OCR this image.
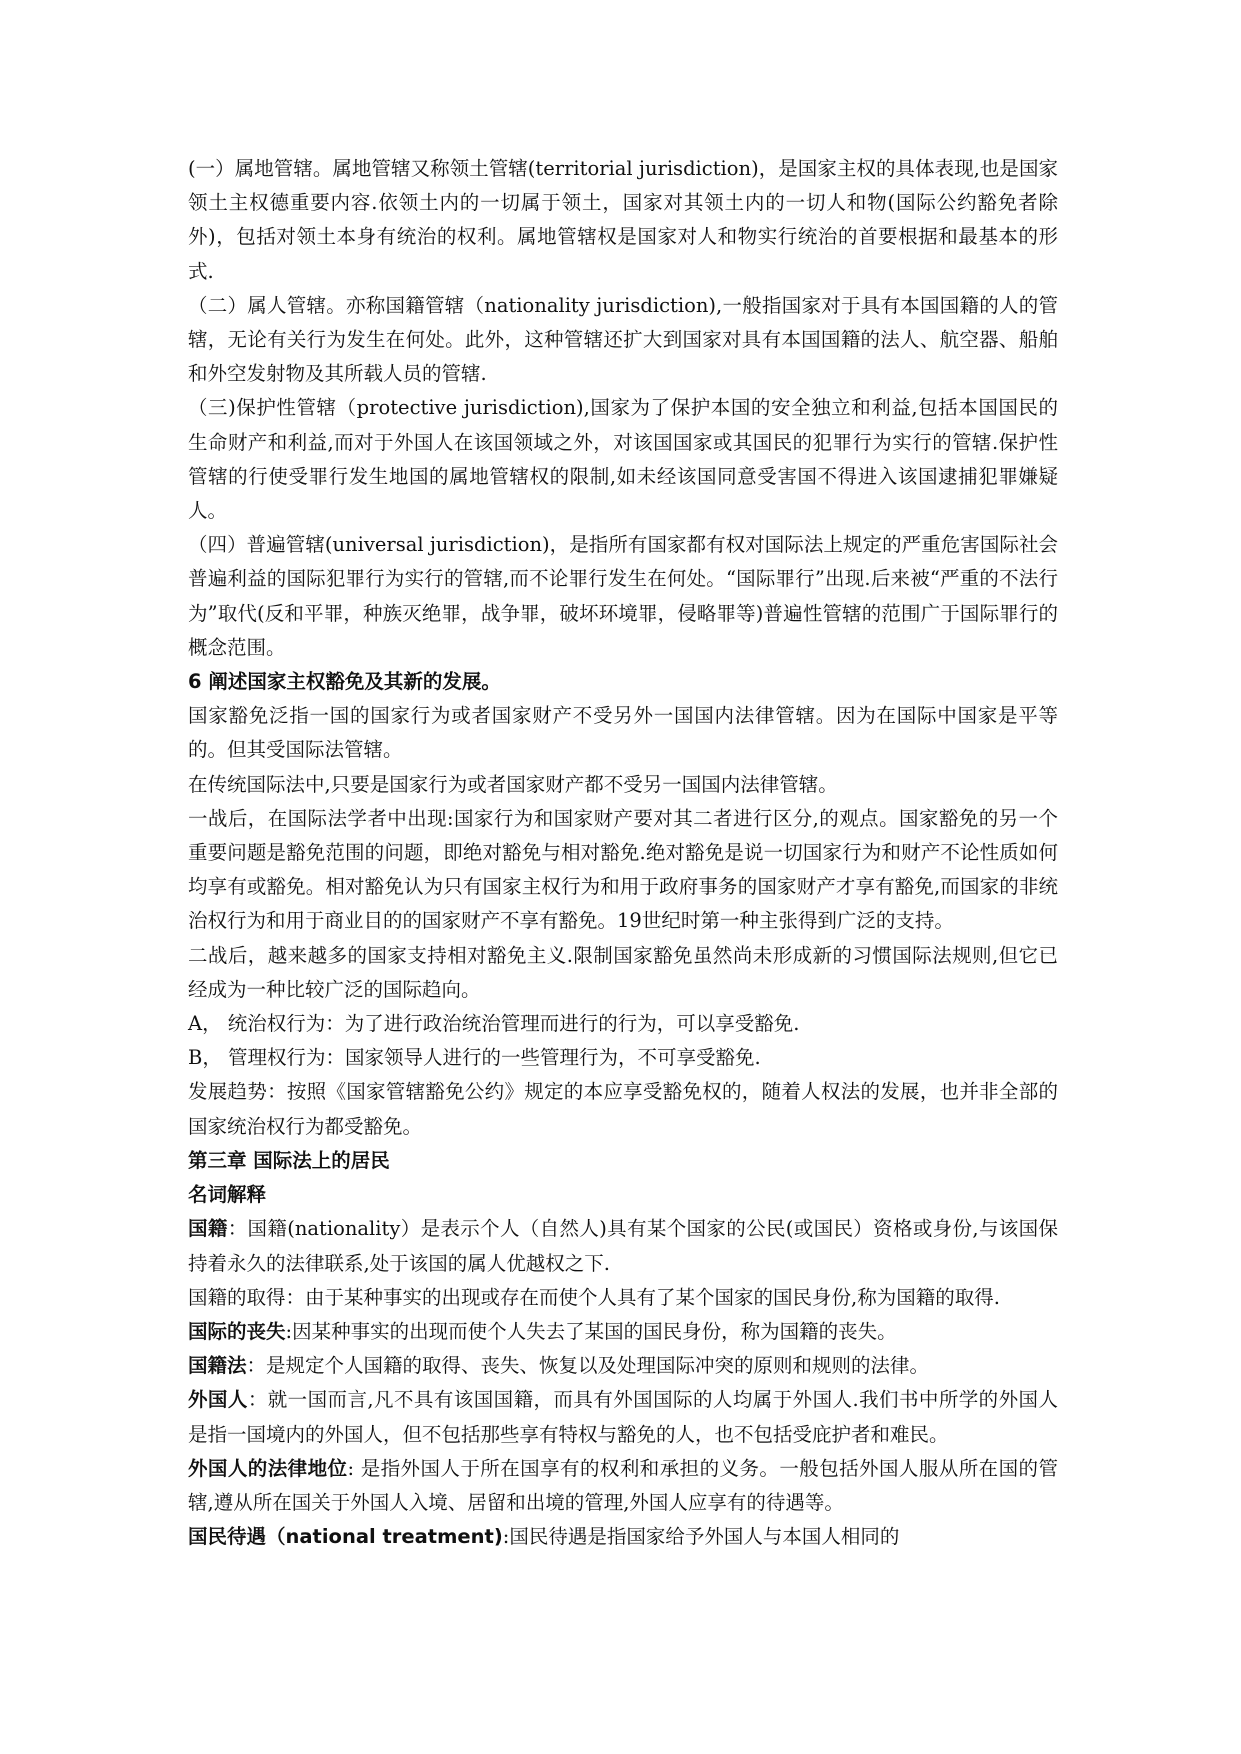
(一）属地管辖。属地管辖又称领土管辖(territorial jurisdiction)，是国家主权的具体表现,也是国家领土主权德重要内容.依领土内的一切属于领土，国家对其领土内的一切人和物(国际公约豁免者除外)，包括对领土本身有统治的权利。属地管辖权是国家对人和物实行统治的首要根据和最基本的形式.

（二）属人管辖。亦称国籍管辖（nationality jurisdiction),一般指国家对于具有本国国籍的人的管辖，无论有关行为发生在何处。此外，这种管辖还扩大到国家对具有本国国籍的法人、航空器、船舶和外空发射物及其所载人员的管辖.

（三)保护性管辖（protective jurisdiction),国家为了保护本国的安全独立和利益,包括本国国民的生命财产和利益,而对于外国人在该国领域之外，对该国国家或其国民的犯罪行为实行的管辖.保护性管辖的行使受罪行发生地国的属地管辖权的限制,如未经该国同意受害国不得进入该国逮捕犯罪嫌疑人。

（四）普遍管辖(universal jurisdiction)，是指所有国家都有权对国际法上规定的严重危害国际社会普遍利益的国际犯罪行为实行的管辖,而不论罪行发生在何处。“国际罪行”出现.后来被“严重的不法行为”取代(反和平罪，种族灭绝罪，战争罪，破坏环境罪，侵略罪等)普遍性管辖的范围广于国际罪行的概念范围。

6 阐述国家主权豁免及其新的发展。

国家豁免泛指一国的国家行为或者国家财产不受另外一国国内法律管辖。因为在国际中国家是平等的。但其受国际法管辖。

在传统国际法中,只要是国家行为或者国家财产都不受另一国国内法律管辖。

一战后，在国际法学者中出现:国家行为和国家财产要对其二者进行区分,的观点。国家豁免的另一个重要问题是豁免范围的问题，即绝对豁免与相对豁免.绝对豁免是说一切国家行为和财产不论性质如何均享有或豁免。相对豁免认为只有国家主权行为和用于政府事务的国家财产才享有豁免,而国家的非统治权行为和用于商业目的的国家财产不享有豁免。19世纪时第一种主张得到广泛的支持。

二战后，越来越多的国家支持相对豁免主义.限制国家豁免虽然尚未形成新的习惯国际法规则,但它已经成为一种比较广泛的国际趋向。

A， 统治权行为：为了进行政治统治管理而进行的行为，可以享受豁免.

B， 管理权行为：国家领导人进行的一些管理行为，不可享受豁免.

发展趋势：按照《国家管辖豁免公约》规定的本应享受豁免权的，随着人权法的发展，也并非全部的国家统治权行为都受豁免。

第三章 国际法上的居民

名词解释

国籍：国籍(nationality）是表示个人（自然人)具有某个国家的公民(或国民）资格或身份,与该国保持着永久的法律联系,处于该国的属人优越权之下.

国籍的取得：由于某种事实的出现或存在而使个人具有了某个国家的国民身份,称为国籍的取得.

国际的丧失:因某种事实的出现而使个人失去了某国的国民身份，称为国籍的丧失。

国籍法：是规定个人国籍的取得、丧失、恢复以及处理国际冲突的原则和规则的法律。

外国人：就一国而言,凡不具有该国国籍，而具有外国国际的人均属于外国人.我们书中所学的外国人是指一国境内的外国人，但不包括那些享有特权与豁免的人，也不包括受庇护者和难民。

外国人的法律地位: 是指外国人于所在国享有的权利和承担的义务。一般包括外国人服从所在国的管辖,遵从所在国关于外国人入境、居留和出境的管理,外国人应享有的待遇等。

国民待遇（national treatment):国民待遇是指国家给予外国人与本国人相同的
